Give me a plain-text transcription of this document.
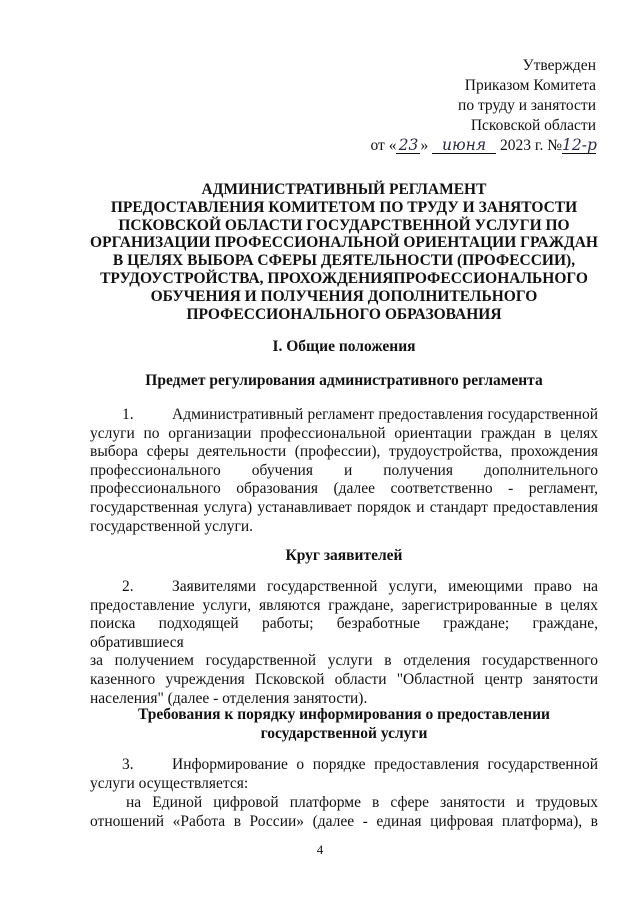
Утвержден
Приказом Комитета
по труду и занятости
Псковской области
от « 23 » июня 2023 г. №12-р
АДМИНИСТРАТИВНЫЙ РЕГЛАМЕНТ
ПРЕДОСТАВЛЕНИЯ КОМИТЕТОМ ПО ТРУДУ И ЗАНЯТОСТИ
ПСКОВСКОЙ ОБЛАСТИ ГОСУДАРСТВЕННОЙ УСЛУГИ ПО
ОРГАНИЗАЦИИ ПРОФЕССИОНАЛЬНОЙ ОРИЕНТАЦИИ ГРАЖДАН
В ЦЕЛЯХ ВЫБОРА СФЕРЫ ДЕЯТЕЛЬНОСТИ (ПРОФЕССИИ),
ТРУДОУСТРОЙСТВА, ПРОХОЖДЕНИЯПРОФЕССИОНАЛЬНОГО
ОБУЧЕНИЯ И ПОЛУЧЕНИЯ ДОПОЛНИТЕЛЬНОГО
ПРОФЕССИОНАЛЬНОГО ОБРАЗОВАНИЯ
I. Общие положения
Предмет регулирования административного регламента
1. Административный регламент предоставления государственной
услуги по организации профессиональной ориентации граждан в целях
выбора сферы деятельности (профессии), трудоустройства, прохождения
профессионального обучения и получения дополнительного
профессионального образования (далее соответственно - регламент,
государственная услуга) устанавливает порядок и стандарт предоставления
государственной услуги.
Круг заявителей
2. Заявителями государственной услуги, имеющими право на
предоставление услуги, являются граждане, зарегистрированные в целях
поиска подходящей работы; безработные граждане; граждане, обратившиеся
за получением государственной услуги в отделения государственного
казенного учреждения Псковской области "Областной центр занятости
населения" (далее - отделения занятости).
Требования к порядку информирования о предоставлении
государственной услуги
3. Информирование о порядке предоставления государственной
услуги осуществляется:
на Единой цифровой платформе в сфере занятости и трудовых
отношений «Работа в России» (далее - единая цифровая платформа), в
4
